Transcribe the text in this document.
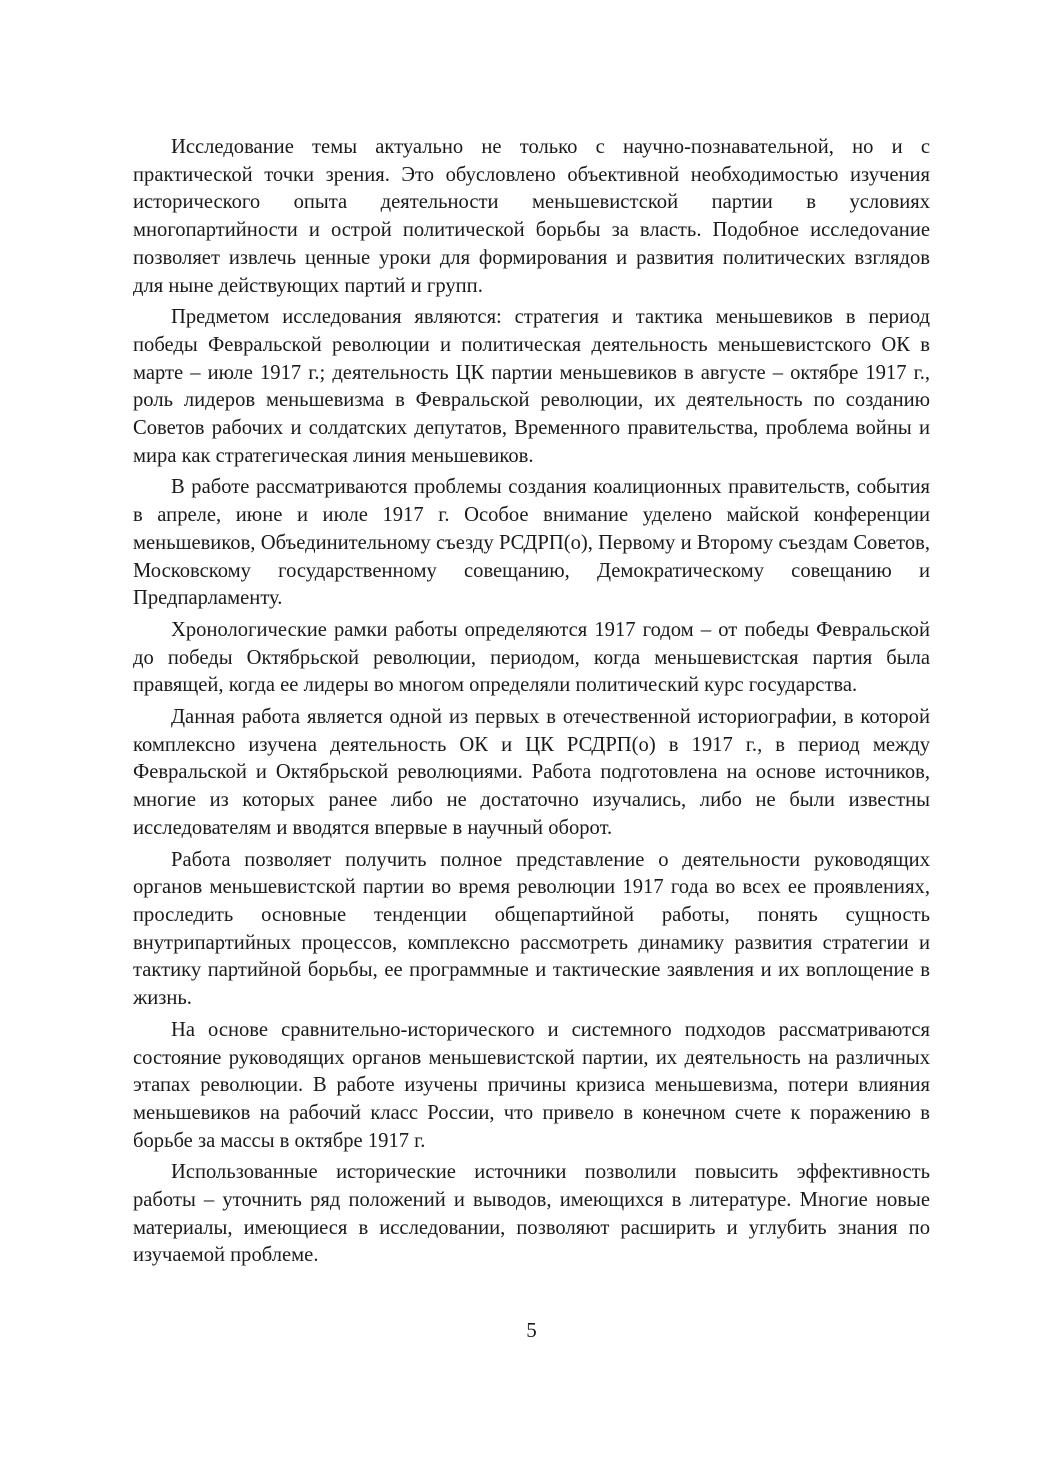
Исследование темы актуально не только с научно-познавательной, но и с практической точки зрения. Это обусловлено объективной необходимостью изучения исторического опыта деятельности меньшевистской партии в условиях многопартийности и острой политической борьбы за власть. Подобное исследоvание позволяет извлечь ценные уроки для формирования и развития политических взглядов для ныне действующих партий и групп.

Предметом исследования являются: стратегия и тактика меньшевиков в период победы Февральской революции и политическая деятельность меньшевистского ОК в марте – июле 1917 г.; деятельность ЦК партии меньшевиков в августе – октябре 1917 г., роль лидеров меньшевизма в Февральской революции, их деятельность по созданию Советов рабочих и солдатских депутатов, Временного правительства, проблема войны и мира как стратегическая линия меньшевиков.

В работе рассматриваются проблемы создания коалиционных правительств, события в апреле, июне и июле 1917 г. Особое внимание уделено майской конференции меньшевиков, Объединительному съезду РСДРП(о), Первому и Второму съездам Советов, Московскому государственному совещанию, Демократическому совещанию и Предпарламенту.

Хронологические рамки работы определяются 1917 годом – от победы Февральской до победы Октябрьской революции, периодом, когда меньшевистская партия была правящей, когда ее лидеры во многом определяли политический курс государства.

Данная работа является одной из первых в отечественной историографии, в которой комплексно изучена деятельность ОК и ЦК РСДРП(о) в 1917 г., в период между Февральской и Октябрьской революциями. Работа подготовлена на основе источников, многие из которых ранее либо не достаточно изучались, либо не были известны исследователям и вводятся впервые в научный оборот.

Работа позволяет получить полное представление о деятельности руководящих органов меньшевистской партии во время революции 1917 года во всех ее проявлениях, проследить основные тенденции общепартийной работы, понять сущность внутрипартийных процессов, комплексно рассмотреть динамику развития стратегии и тактику партийной борьбы, ее программные и тактические заявления и их воплощение в жизнь.

На основе сравнительно-исторического и системного подходов рассматриваются состояние руководящих органов меньшевистской партии, их деятельность на различных этапах революции. В работе изучены причины кризиса меньшевизма, потери влияния меньшевиков на рабочий класс России, что привело в конечном счете к поражению в борьбе за массы в октябре 1917 г.

Использованные исторические источники позволили повысить эффективность работы – уточнить ряд положений и выводов, имеющихся в литературе. Многие новые материалы, имеющиеся в исследовании, позволяют расширить и углубить знания по изучаемой проблеме.

5
